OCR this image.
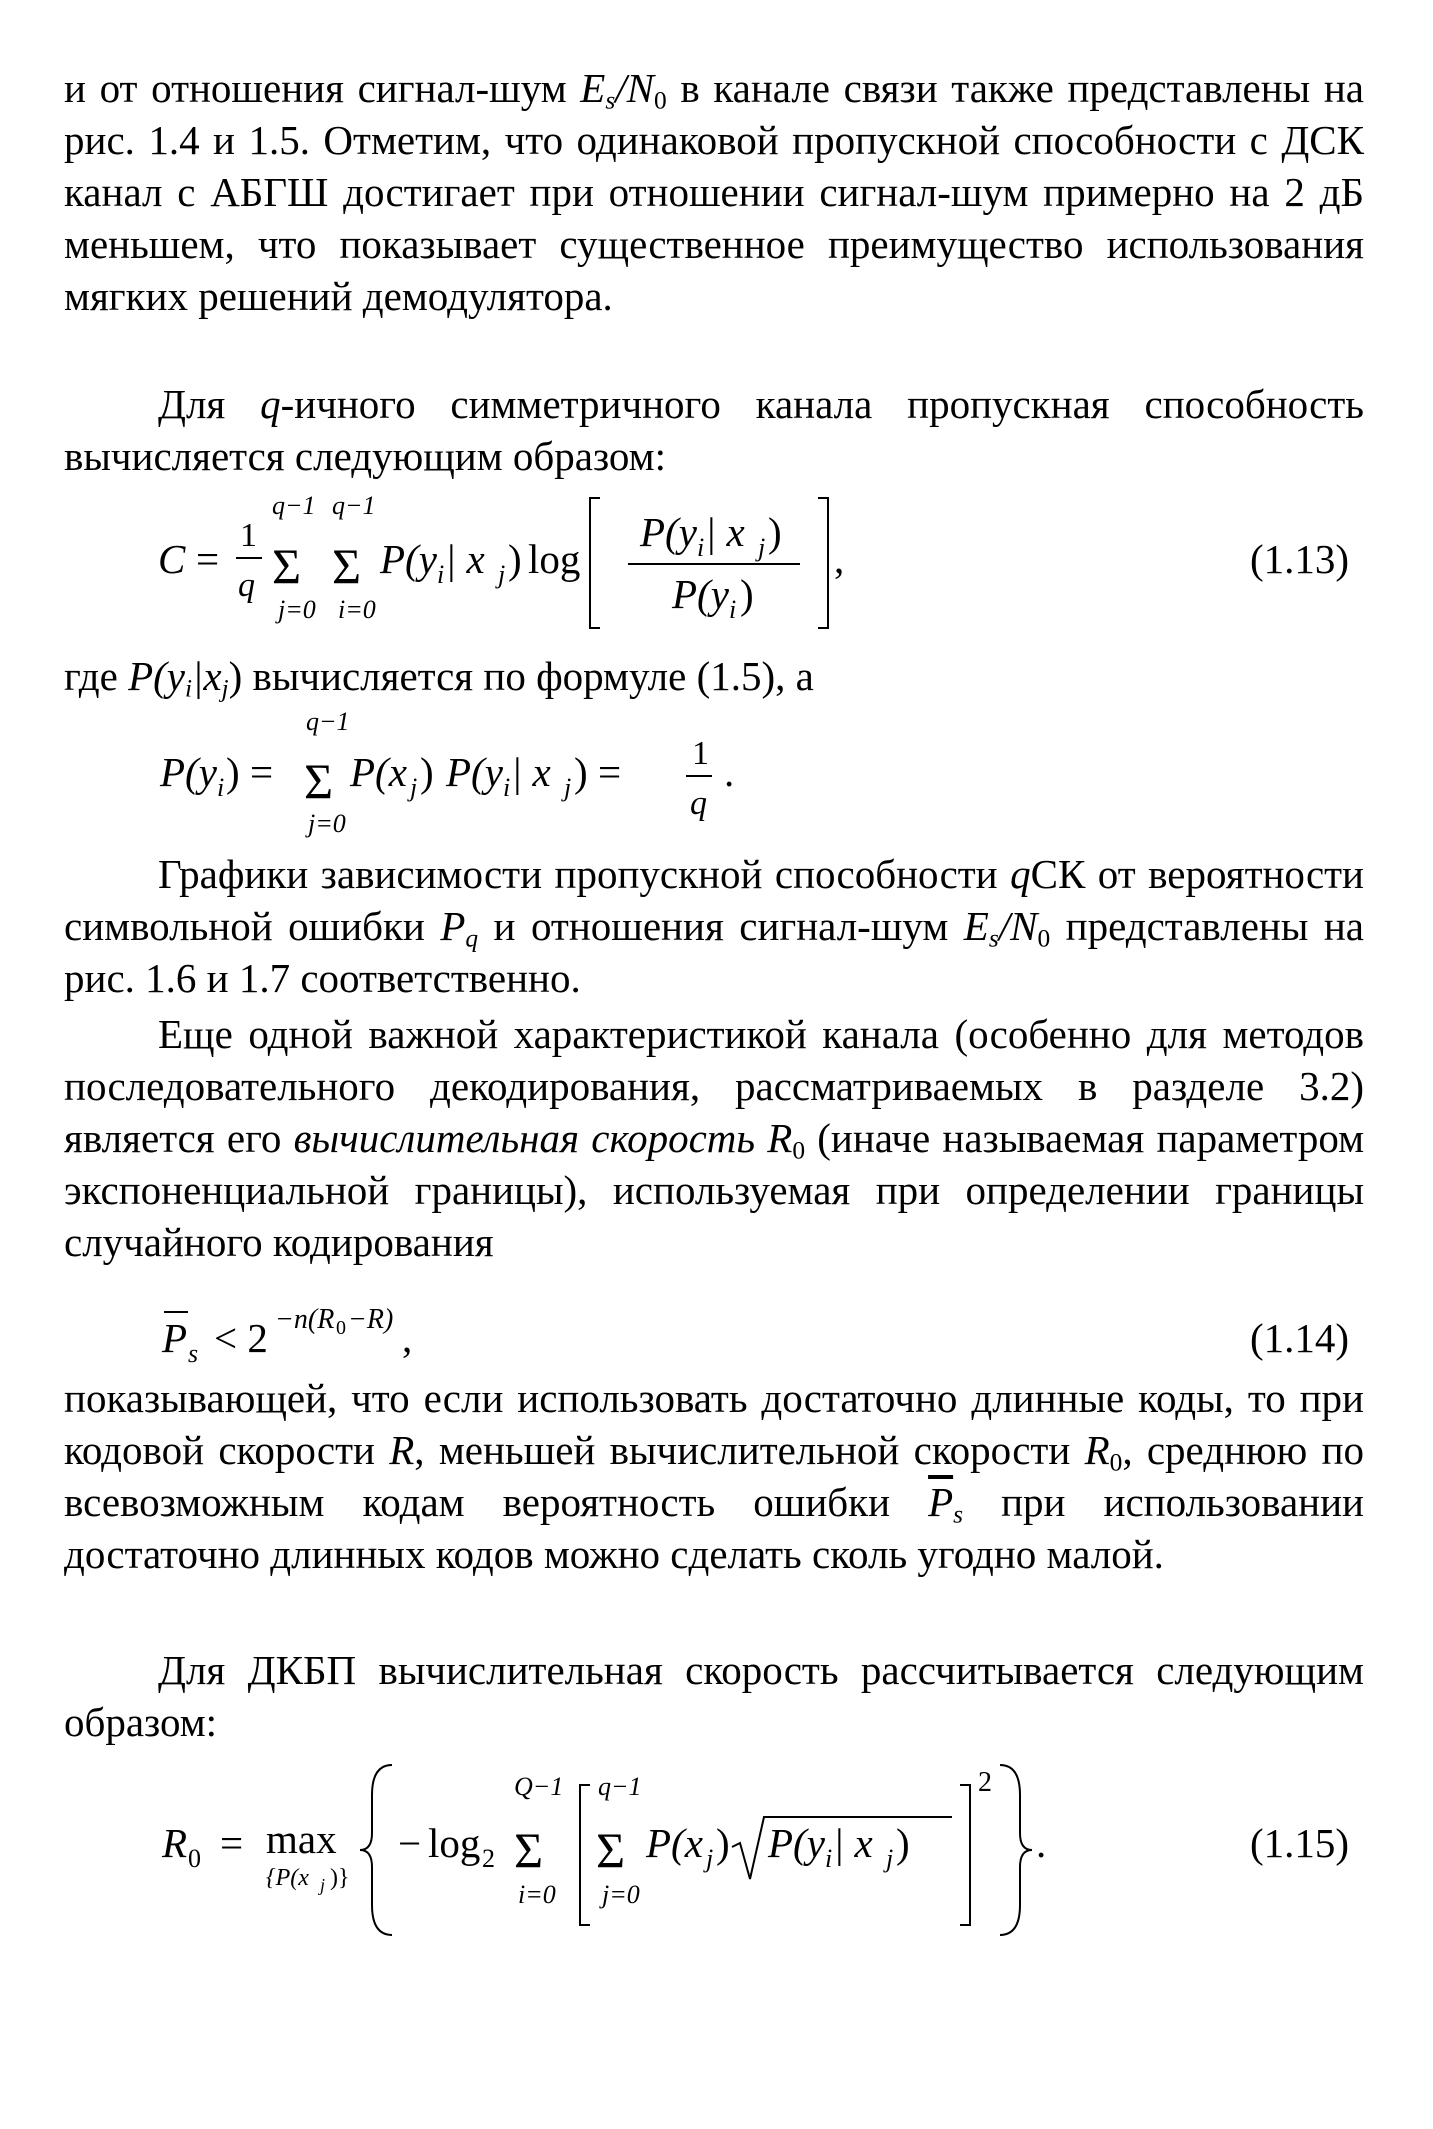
и от отношения сигнал-шум $E_s/N_0$ в канале связи также представлены на рис. 1.4 и 1.5. Отметим, что одинаковой пропускной способности с ДСК канал с АБГШ достигает при отношении сигнал-шум примерно на 2 дБ меньшем, что показывает существенное преимущество использования мягких решений демодулятора.

Для q-ичного симметричного канала пропускная способность вычисляется следующим образом:

C =
1
q
q−1
Σ
j=0
q−1
Σ
i=0
P(y i | x j ) log
P(y i | x j )
P(y i )
,	(1.13)

где $P(y_i|x_j)$ вычисляется по формуле (1.5), а

P(y i ) =
q−1
Σ
j=0
P(x j ) P(y i | x j ) = 1
q
.

Графики зависимости пропускной способности qСК от вероятности символьной ошибки $P_q$ и отношения сигнал-шум $E_s/N_0$ представлены на рис. 1.6 и 1.7 соответственно.

Еще одной важной характеристикой канала (особенно для методов последовательного декодирования, рассматриваемых в разделе 3.2) является его вычислительная скорость $R_0$ (иначе называемая параметром экспоненциальной границы), используемая при определении границы случайного кодирования

P s < 2 −n(R 0 −R) ,	(1.14)

показывающей, что если использовать достаточно длинные коды, то при кодовой скорости R, меньшей вычислительной скорости $R_0$, среднюю по всевозможным кодам вероятность ошибки $\overline{P}_s$ при использовании достаточно длинных кодов можно сделать сколь угодно малой.

Для ДКБП вычислительная скорость рассчитывается следующим образом:

R 0 = max
{P(x j )}
− log 2
Q−1
Σ
i=0
q−1
Σ
j=0
P(x j ) P(y i | x j )
2
.	(1.15)
